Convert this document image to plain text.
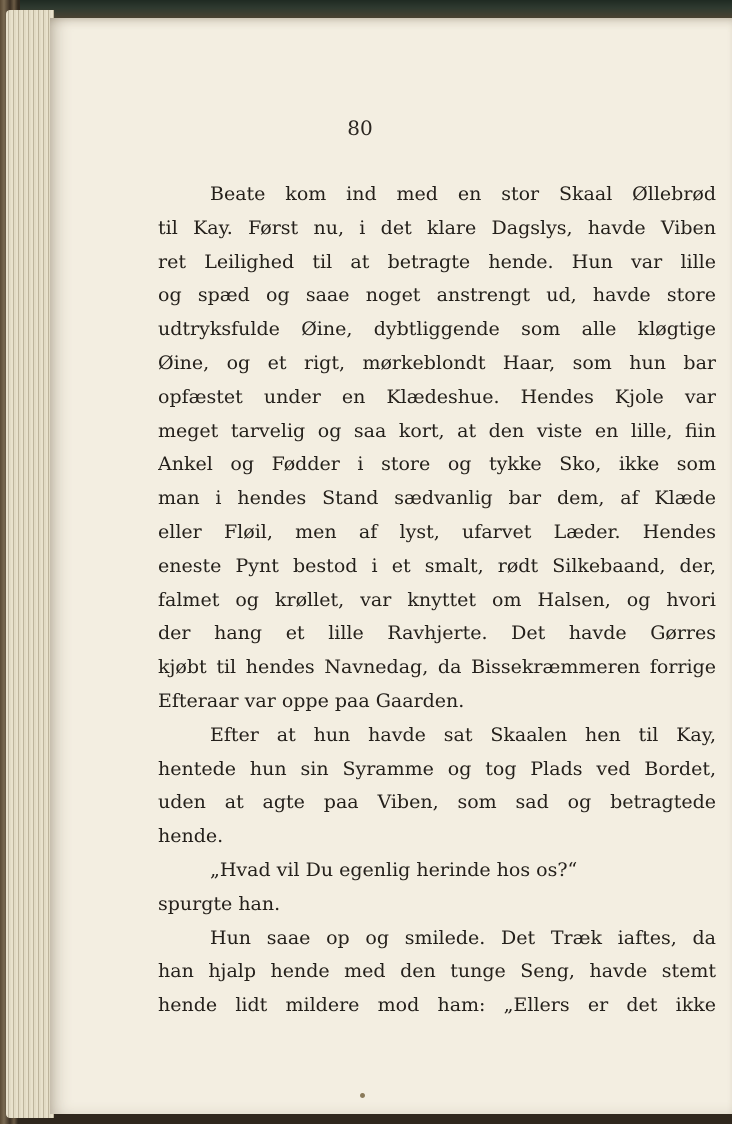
80
Beate kom ind med en stor Skaal Øllebrød
til Kay. Først nu, i det klare Dagslys, havde Viben
ret Leilighed til at betragte hende. Hun var lille
og spæd og saae noget anstrengt ud, havde store
udtryksfulde Øine, dybtliggende som alle kløgtige
Øine, og et rigt, mørkeblondt Haar, som hun bar
opfæstet under en Klædeshue. Hendes Kjole var
meget tarvelig og saa kort, at den viste en lille, fiin
Ankel og Fødder i store og tykke Sko, ikke som
man i hendes Stand sædvanlig bar dem, af Klæde
eller Fløil, men af lyst, ufarvet Læder. Hendes
eneste Pynt bestod i et smalt, rødt Silkebaand, der,
falmet og krøllet, var knyttet om Halsen, og hvori
der hang et lille Ravhjerte. Det havde Gørres
kjøbt til hendes Navnedag, da Bissekræmmeren forrige
Efteraar var oppe paa Gaarden.
Efter at hun havde sat Skaalen hen til Kay,
hentede hun sin Syramme og tog Plads ved Bordet,
uden at agte paa Viben, som sad og betragtede
hende.
„Hvad vil Du egenlig herinde hos os?“
spurgte han.
Hun saae op og smilede. Det Træk iaftes, da
han hjalp hende med den tunge Seng, havde stemt
hende lidt mildere mod ham: „Ellers er det ikke
